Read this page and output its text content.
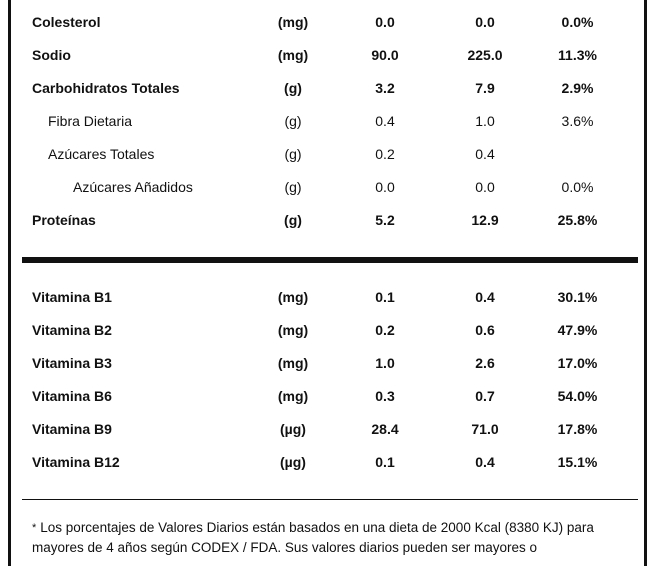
Colesterol	(mg)	0.0	0.0	0.0%
Sodio	(mg)	90.0	225.0	11.3%
Carbohidratos Totales	(g)	3.2	7.9	2.9%
Fibra Dietaria	(g)	0.4	1.0	3.6%
Azúcares Totales	(g)	0.2	0.4
Azúcares Añadidos	(g)	0.0	0.0	0.0%
Proteínas	(g)	5.2	12.9	25.8%
Vitamina B1	(mg)	0.1	0.4	30.1%
Vitamina B2	(mg)	0.2	0.6	47.9%
Vitamina B3	(mg)	1.0	2.6	17.0%
Vitamina B6	(mg)	0.3	0.7	54.0%
Vitamina B9	(µg)	28.4	71.0	17.8%
Vitamina B12	(µg)	0.1	0.4	15.1%
* Los porcentajes de Valores Diarios están basados en una dieta de 2000 Kcal (8380 KJ) para mayores de 4 años según CODEX / FDA. Sus valores diarios pueden ser mayores o
